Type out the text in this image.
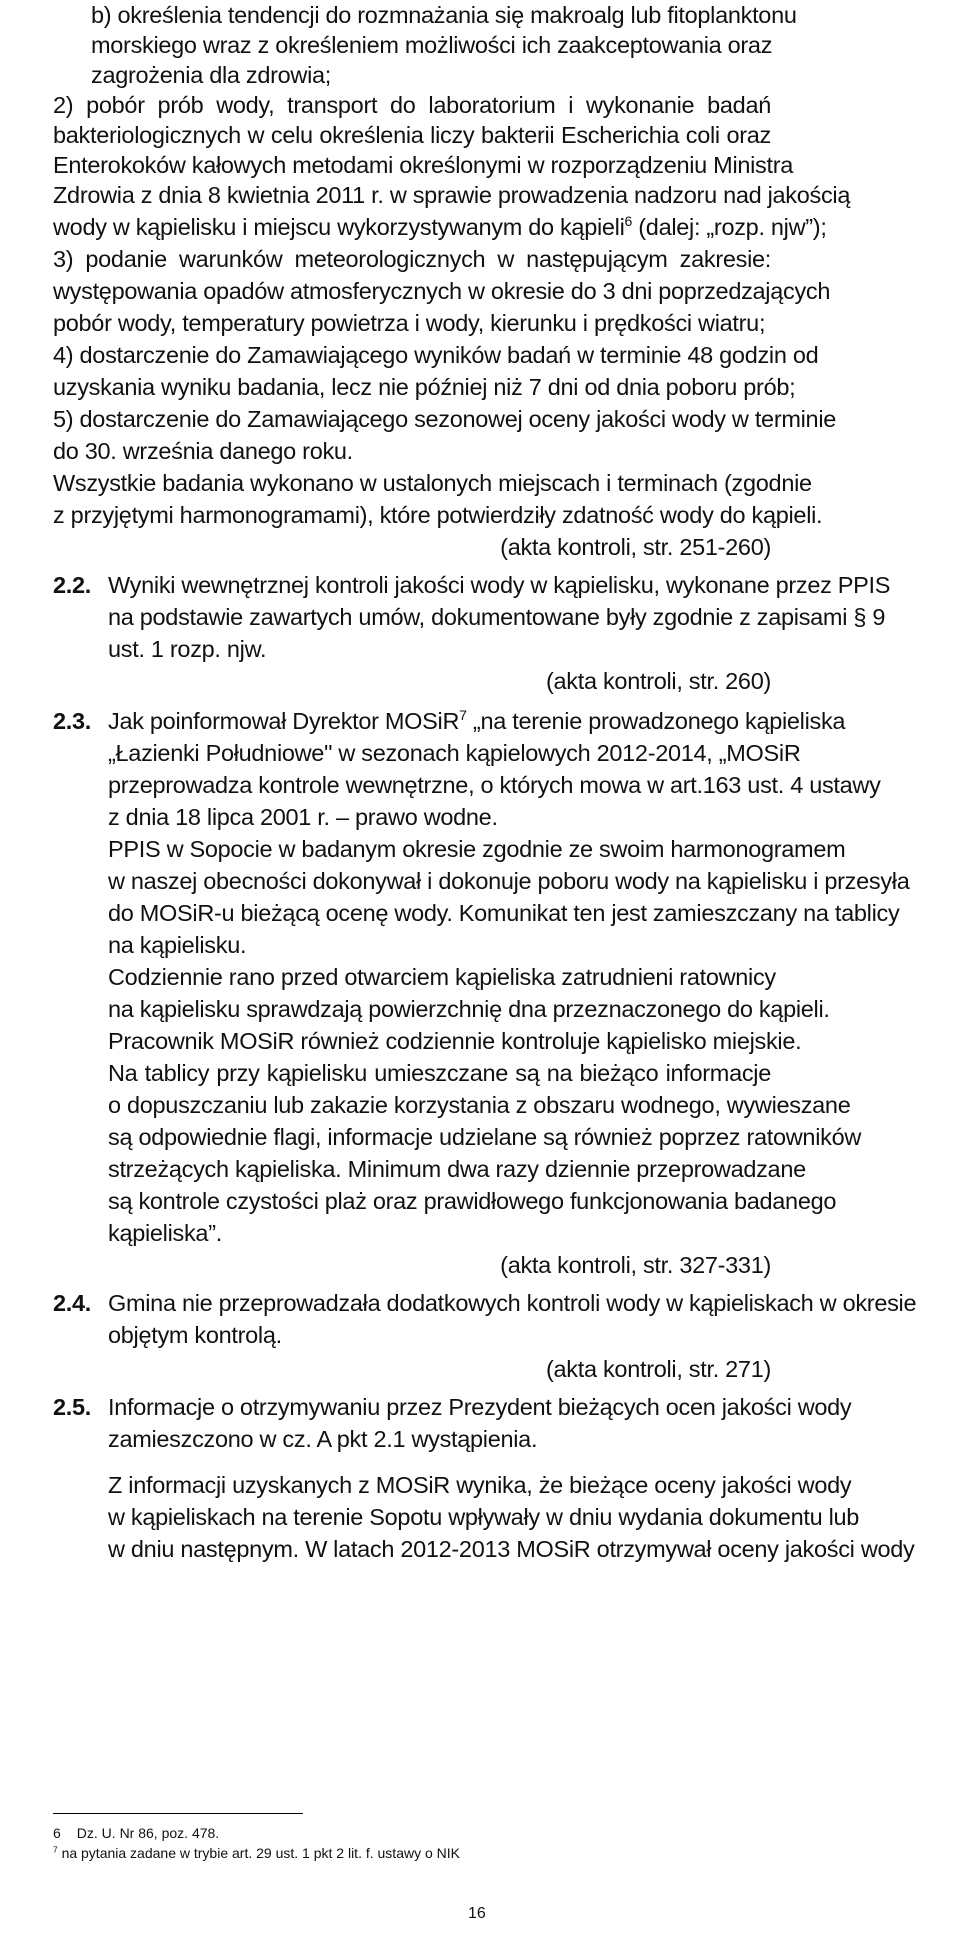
b) określenia tendencji do rozmnażania się makroalg lub fitoplanktonu
morskiego wraz z określeniem możliwości ich zaakceptowania oraz
zagrożenia dla zdrowia;
2) pobór prób wody, transport do laboratorium i wykonanie badań
bakteriologicznych w celu określenia liczy bakterii Escherichia coli oraz
Enterokoków kałowych metodami określonymi w rozporządzeniu Ministra
Zdrowia z dnia 8 kwietnia 2011 r. w sprawie prowadzenia nadzoru nad jakością
wody w kąpielisku i miejscu wykorzystywanym do kąpieli$^6$ (dalej: „rozp. njw”);
3) podanie warunków meteorologicznych w następującym zakresie:
występowania opadów atmosferycznych w okresie do 3 dni poprzedzających
pobór wody, temperatury powietrza i wody, kierunku i prędkości wiatru;
4) dostarczenie do Zamawiającego wyników badań w terminie 48 godzin od
uzyskania wyniku badania, lecz nie później niż 7 dni od dnia poboru prób;
5) dostarczenie do Zamawiającego sezonowej oceny jakości wody w terminie
do 30. września danego roku.
Wszystkie badania wykonano w ustalonych miejscach i terminach (zgodnie
z przyjętymi harmonogramami), które potwierdziły zdatność wody do kąpieli.
(akta kontroli, str. 251-260)
2.2. Wyniki wewnętrznej kontroli jakości wody w kąpielisku, wykonane przez PPIS
na podstawie zawartych umów, dokumentowane były zgodnie z zapisami § 9
ust. 1 rozp. njw.
(akta kontroli, str. 260)
2.3. Jak poinformował Dyrektor MOSiR$^7$ „na terenie prowadzonego kąpieliska
„Łazienki Południowe" w sezonach kąpielowych 2012-2014, „MOSiR
przeprowadza kontrole wewnętrzne, o których mowa w art.163 ust. 4 ustawy
z dnia 18 lipca 2001 r. – prawo wodne.
PPIS w Sopocie w badanym okresie zgodnie ze swoim harmonogramem
w naszej obecności dokonywał i dokonuje poboru wody na kąpielisku i przesyła
do MOSiR-u bieżącą ocenę wody. Komunikat ten jest zamieszczany na tablicy
na kąpielisku.
Codziennie rano przed otwarciem kąpieliska zatrudnieni ratownicy
na kąpielisku sprawdzają powierzchnię dna przeznaczonego do kąpieli.
Pracownik MOSiR również codziennie kontroluje kąpielisko miejskie.
Na tablicy przy kąpielisku umieszczane są na bieżąco informacje
o dopuszczaniu lub zakazie korzystania z obszaru wodnego, wywieszane
są odpowiednie flagi, informacje udzielane są również poprzez ratowników
strzeżących kąpieliska. Minimum dwa razy dziennie przeprowadzane
są kontrole czystości plaż oraz prawidłowego funkcjonowania badanego
kąpieliska”.
(akta kontroli, str. 327-331)
2.4. Gmina nie przeprowadzała dodatkowych kontroli wody w kąpieliskach w okresie
objętym kontrolą.
(akta kontroli, str. 271)
2.5. Informacje o otrzymywaniu przez Prezydent bieżących ocen jakości wody
zamieszczono w cz. A pkt 2.1 wystąpienia.
Z informacji uzyskanych z MOSiR wynika, że bieżące oceny jakości wody
w kąpieliskach na terenie Sopotu wpływały w dniu wydania dokumentu lub
w dniu następnym. W latach 2012-2013 MOSiR otrzymywał oceny jakości wody
6 Dz. U. Nr 86, poz. 478.
$^7$ na pytania zadane w trybie art. 29 ust. 1 pkt 2 lit. f. ustawy o NIK
16
